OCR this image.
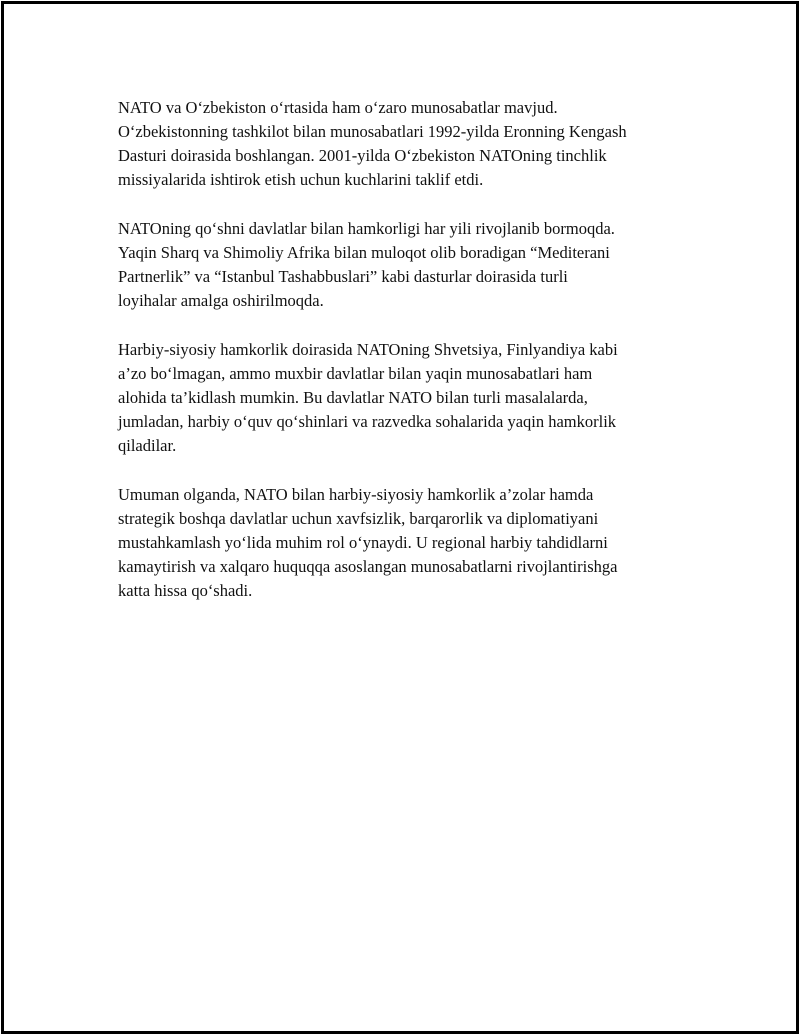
NATO va O‘zbekiston o‘rtasida ham o‘zaro munosabatlar mavjud.
O‘zbekistonning tashkilot bilan munosabatlari 1992-yilda Eronning Kengash
Dasturi doirasida boshlangan. 2001-yilda O‘zbekiston NATOning tinchlik
missiyalarida ishtirok etish uchun kuchlarini taklif etdi.

NATOning qo‘shni davlatlar bilan hamkorligi har yili rivojlanib bormoqda.
Yaqin Sharq va Shimoliy Afrika bilan muloqot olib boradigan “Mediterani
Partnerlik” va “Istanbul Tashabbuslari” kabi dasturlar doirasida turli
loyihalar amalga oshirilmoqda.

Harbiy-siyosiy hamkorlik doirasida NATOning Shvetsiya, Finlyandiya kabi
a’zo bo‘lmagan, ammo muxbir davlatlar bilan yaqin munosabatlari ham
alohida ta’kidlash mumkin. Bu davlatlar NATO bilan turli masalalarda,
jumladan, harbiy o‘quv qo‘shinlari va razvedka sohalarida yaqin hamkorlik
qiladilar.

Umuman olganda, NATO bilan harbiy-siyosiy hamkorlik a’zolar hamda
strategik boshqa davlatlar uchun xavfsizlik, barqarorlik va diplomatiyani
mustahkamlash yo‘lida muhim rol o‘ynaydi. U regional harbiy tahdidlarni
kamaytirish va xalqaro huquqqa asoslangan munosabatlarni rivojlantirishga
katta hissa qo‘shadi.
